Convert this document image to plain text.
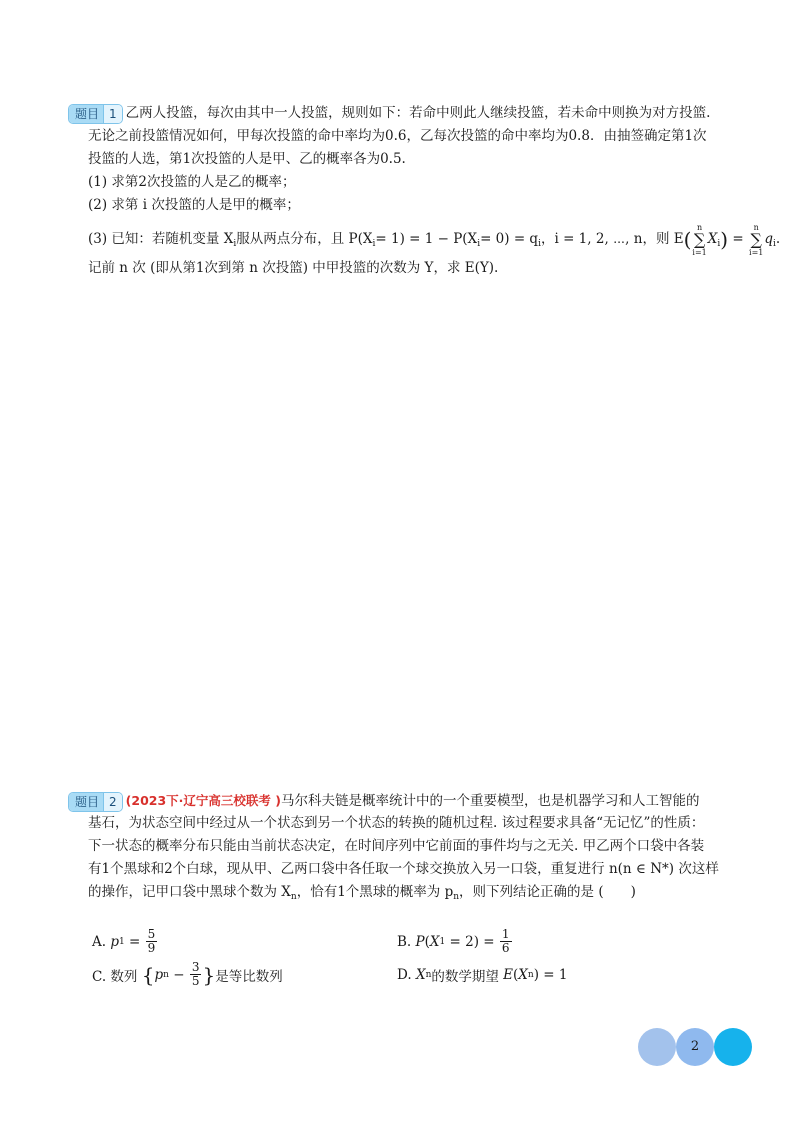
题目 1 乙两人投篮，每次由其中一人投篮，规则如下：若命中则此人继续投篮，若未命中则换为对方投篮.
无论之前投篮情况如何，甲每次投篮的命中率均为0.6，乙每次投篮的命中率均为0.8．由抽签确定第1次
投篮的人选，第1次投篮的人是甲、乙的概率各为0.5.
(1) 求第2次投篮的人是乙的概率；
(2) 求第 i 次投篮的人是甲的概率；
(3) 已知：若随机变量 $X_i$服从两点分布，且 $P(X_i= 1) = 1 - P(X_i= 0) = q_i$，i = 1, 2, ⋯, n，则 E(
n
∑
i=1
$X_i$) =
n
∑
i=1
$q_i$.
记前 n 次 (即从第1次到第 n 次投篮) 中甲投篮的次数为 Y，求 E(Y).
题目 2 (2023下·辽宁高三校联考 )马尔科夫链是概率统计中的一个重要模型，也是机器学习和人工智能的
基石，为状态空间中经过从一个状态到另一个状态的转换的随机过程. 该过程要求具备“无记忆”的性质：
下一状态的概率分布只能由当前状态决定，在时间序列中它前面的事件均与之无关. 甲乙两个口袋中各装
有1个黑球和2个白球，现从甲、乙两口袋中各任取一个球交换放入另一口袋，重复进行 n(n ∈ N*) 次这样
的操作，记甲口袋中黑球个数为 $X_n$，恰有1个黑球的概率为 $p_n$，则下列结论正确的是 (　　)
A.
p $1 = \frac{5}{9}$	B.
P ( X $1 = 2) = \frac{1}{6}$
C. 数列
{ p $n - \frac{3}{5}$ } 是等比数列	D.
X n 的数学期望
E ( X n ) = 1
2
